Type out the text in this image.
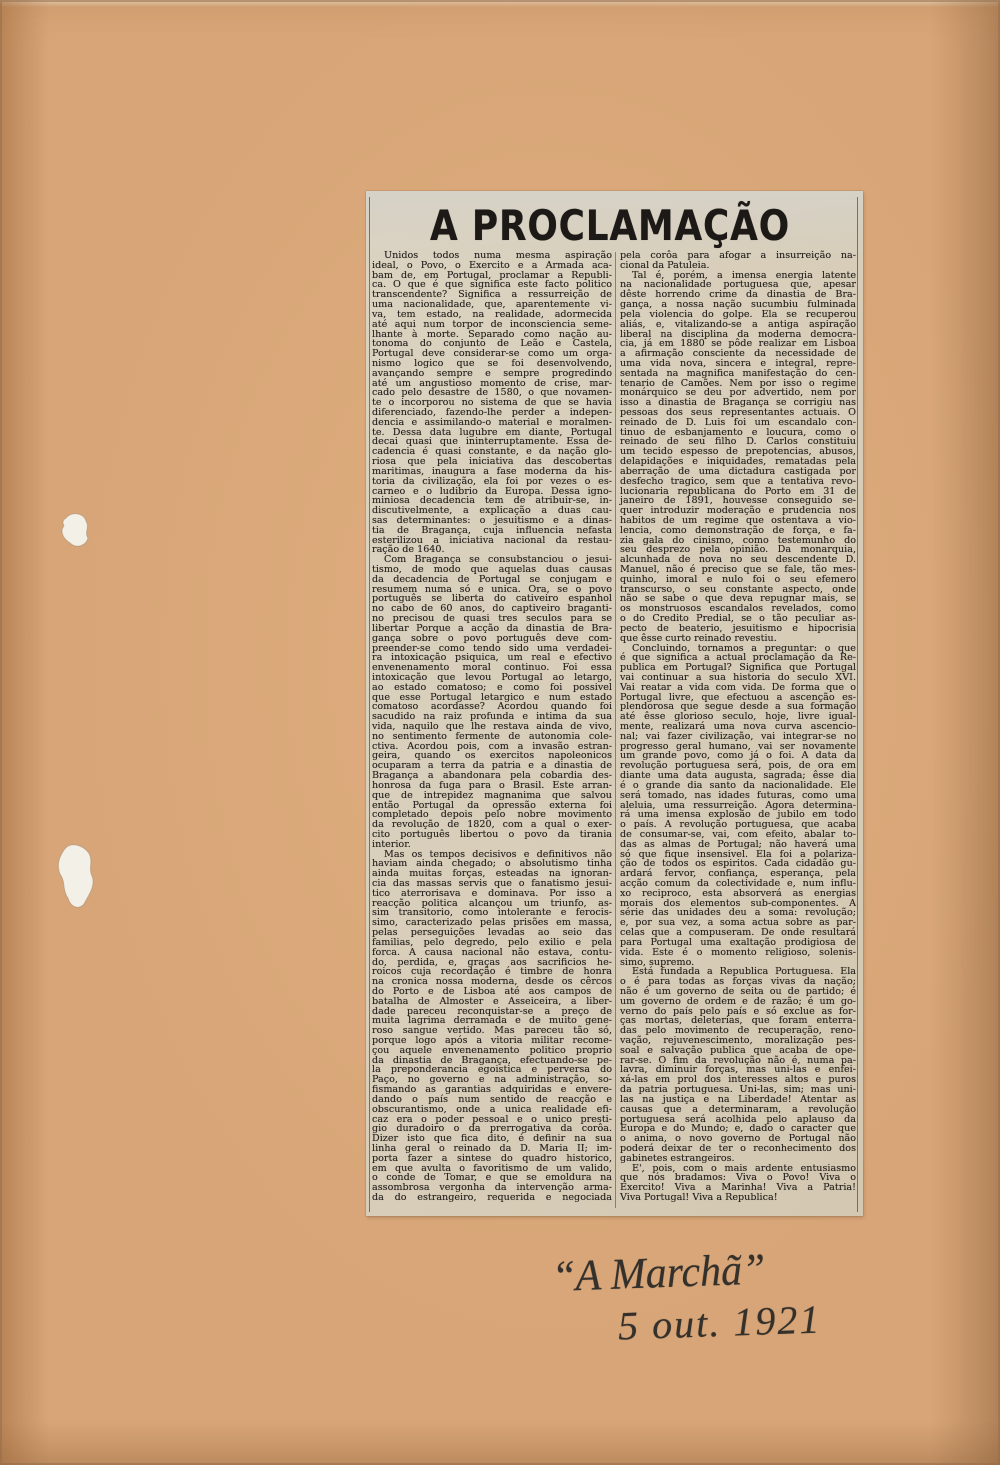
A PROCLAMAÇÃO
Unidos todos numa mesma aspiração
ideal, o Povo, o Exercito e a Armada aca-
bam de, em Portugal, proclamar a Republi-
ca. O que é que significa este facto politico
transcendente? Significa a ressurreição de
uma nacionalidade, que, aparentemente vi-
va, tem estado, na realidade, adormecida
até aqui num torpor de inconsciencia seme-
lhante à morte. Separado como nação au-
tonoma do conjunto de Leão e Castela,
Portugal deve considerar-se como um orga-
nismo logico que se foi desenvolvendo,
avançando sempre e sempre progredindo
até um angustioso momento de crise, mar-
cado pelo desastre de 1580, o que novamen-
te o incorporou no sistema de que se havia
diferenciado, fazendo-lhe perder a indepen-
dencia e assimilando-o material e moralmen-
te. Dessa data lugubre em diante, Portugal
decai quasi que ininterruptamente. Essa de-
cadencia é quasi constante, e da nação glo-
riosa que pela iniciativa das descobertas
maritimas, inaugura a fase moderna da his-
toria da civilização, ela foi por vezes o es-
carneo e o ludibrio da Europa. Dessa igno-
miniosa decadencia tem de atribuir-se, in-
discutivelmente, a explicação a duas cau-
sas determinantes: o jesuitismo e a dinas-
tia de Bragança, cuja influencia nefasta
esterilizou a iniciativa nacional da restau-
ração de 1640.
Com Bragança se consubstanciou o jesui-
tismo, de modo que aquelas duas causas
da decadencia de Portugal se conjugam e
resumem numa só e unica. Ora, se o povo
português se liberta do cativeiro espanhol
no cabo de 60 anos, do captiveiro braganti-
no precisou de quasi tres seculos para se
libertar Porque a acção da dinastia de Bra-
gança sobre o povo português deve com-
preender-se como tendo sido uma verdadei-
ra intoxicação psiquica, um real e efectivo
envenenamento moral continuo. Foi essa
intoxicação que levou Portugal ao letargo,
ao estado comatoso; e como foi possivel
que esse Portugal letargico e num estado
comatoso acordasse? Acordou quando foi
sacudido na raiz profunda e intima da sua
vida, naquilo que lhe restava ainda de vivo,
no sentimento fermente de autonomia cole-
ctiva. Acordou pois, com a invasão estran-
geira, quando os exercitos napoleonicos
ocuparam a terra da patria e a dinastia de
Bragança a abandonara pela cobardia des-
honrosa da fuga para o Brasil. Este arran-
que de intrepidez magnanima que salvou
então Portugal da opressão externa foi
completado depois pelo nobre movimento
da revolução de 1820, com a qual o exer-
cito português libertou o povo da tirania
interior.
Mas os tempos decisivos e definitivos não
haviam ainda chegado; o absolutismo tinha
ainda muitas forças, esteadas na ignoran-
cia das massas servis que o fanatismo jesui-
tico aterrorisava e dominava. Por isso a
reacção politica alcançou um triunfo, as-
sim transitorio, como intolerante e ferocis-
simo, caracterizado pelas prisões em massa,
pelas perseguições levadas ao seio das
familias, pelo degredo, pelo exilio e pela
forca. A causa nacional não estava, contu-
do, perdida, e, graças aos sacrificios he-
roicos cuja recordação é timbre de honra
na cronica nossa moderna, desde os cêrcos
do Porto e de Lisboa até aos campos de
batalha de Almoster e Asseiceira, a liber-
dade pareceu reconquistar-se a preço de
muita lagrima derramada e de muito gene-
roso sangue vertido. Mas pareceu tão só,
porque logo após a vitoria militar recome-
çou aquele envenenamento politico proprio
da dinastia de Bragança, efectuando-se pe-
la preponderancia egoistica e perversa do
Paço, no governo e na administração, so-
fismando as garantias adquiridas e envere-
dando o país num sentido de reacção e
obscurantismo, onde a unica realidade efi-
caz era o poder pessoal e o unico presti-
gio duradoiro o da prerrogativa da corôa.
Dizer isto que fica dito, é definir na sua
linha geral o reinado da D. Maria II; im-
porta fazer a sintese do quadro historico,
em que avulta o favoritismo de um valido,
o conde de Tomar, e que se emoldura na
assombrosa vergonha da intervenção arma-
da do estrangeiro, requerida e negociada
pela corôa para afogar a insurreição na-
cional da Patuleia.
Tal é, porém, a imensa energia latente
na nacionalidade portuguesa que, apesar
dêste horrendo crime da dinastia de Bra-
gança, a nossa nação sucumbiu fulminada
pela violencia do golpe. Ela se recuperou
aliás, e, vitalizando-se a antiga aspiração
liberal na disciplina da moderna democra-
cia, já em 1880 se pôde realizar em Lisboa
a afirmação consciente da necessidade de
uma vida nova, sincera e integral, repre-
sentada na magnifica manifestação do cen-
tenario de Camões. Nem por isso o regime
monárquico se deu por advertido, nem por
isso a dinastia de Bragança se corrigiu nas
pessoas dos seus representantes actuais. O
reinado de D. Luis foi um escandalo con-
tinuo de esbanjamento e loucura, como o
reinado de seu filho D. Carlos constituiu
um tecido espesso de prepotencias, abusos,
delapidações e iniquidades, rematadas pela
aberração de uma dictadura castigada por
desfecho tragico, sem que a tentativa revo-
lucionaria republicana do Porto em 31 de
janeiro de 1891, houvesse conseguido se-
quer introduzir moderação e prudencia nos
habitos de um regime que ostentava a vio-
lencia, como demonstração de força, e fa-
zia gala do cinismo, como testemunho do
seu desprezo pela opinião. Da monarquia,
alcunhada de nova no seu descendente D.
Manuel, não é preciso que se fale, tão mes-
quinho, imoral e nulo foi o seu efemero
transcurso, o seu constante aspecto, onde
não se sabe o que deva repugnar mais, se
os monstruosos escandalos revelados, como
o do Credito Predial, se o tão peculiar as-
pecto de beaterio, jesuitismo e hipocrisia
que êsse curto reinado revestiu.
Concluindo, tornamos a preguntar: o que
é que significa a actual proclamação da Re-
publica em Portugal? Significa que Portugal
vai continuar a sua historia do seculo XVI.
Vai reatar a vida com vida. De forma que o
Portugal livre, que efectuou a ascenção es-
plendorosa que segue desde a sua formação
até êsse glorioso seculo, hoje, livre igual-
mente, realizará uma nova curva ascencio-
nal; vai fazer civilização, vai integrar-se no
progresso geral humano, vai ser novamente
um grande povo, como já o foi. A data da
revolução portuguesa será, pois, de ora em
diante uma data augusta, sagrada; êsse dia
é o grande dia santo da nacionalidade. Ele
será tomado, nas idades futuras, como uma
aleluia, uma ressurreição. Agora determina-
rá uma imensa explosão de jubilo em todo
o país. A revolução portuguesa, que acaba
de consumar-se, vai, com efeito, abalar to-
das as almas de Portugal; não haverá uma
só que fique insensivel. Ela foi a polariza-
ção de todos os espiritos. Cada cidadão gu-
ardará fervor, confiança, esperança, pela
acção comum da colectividade e, num influ-
xo reciproco, esta absorverá as energias
morais dos elementos sub-componentes. A
série das unidades deu a soma: revolução;
e, por sua vez, a soma actua sobre as par-
celas que a compuseram. De onde resultará
para Portugal uma exaltação prodigiosa de
vida. Este é o momento religioso, solenis-
simo, supremo.
Está fundada a Republica Portuguesa. Ela
o é para todas as forças vivas da nação;
não é um governo de seita ou de partido; é
um governo de ordem e de razão; é um go-
verno do país pelo país e só exclue as for-
ças mortas, deleterias, que foram enterra-
das pelo movimento de recuperação, reno-
vação, rejuvenescimento, moralização pes-
soal e salvação publica que acaba de ope-
rar-se. O fim da revolução não é, numa pa-
lavra, diminuir forças, mas uni-las e enfei-
xá-las em prol dos interesses altos e puros
da patria portuguesa. Uni-las, sim; mas uni-
las na justiça e na Liberdade! Atentar as
causas que a determinaram, a revolução
portuguesa será acolhida pelo aplauso da
Europa e do Mundo; e, dado o caracter que
o anima, o novo governo de Portugal não
poderá deixar de ter o reconhecimento dos
gabinetes estrangeiros.
E', pois, com o mais ardente entusiasmo
que nós bradamos: Viva o Povo! Viva o
Exercito! Viva a Marinha! Viva a Patria!
Viva Portugal! Viva a Republica!
“A Marchã”
5 out. 1921
